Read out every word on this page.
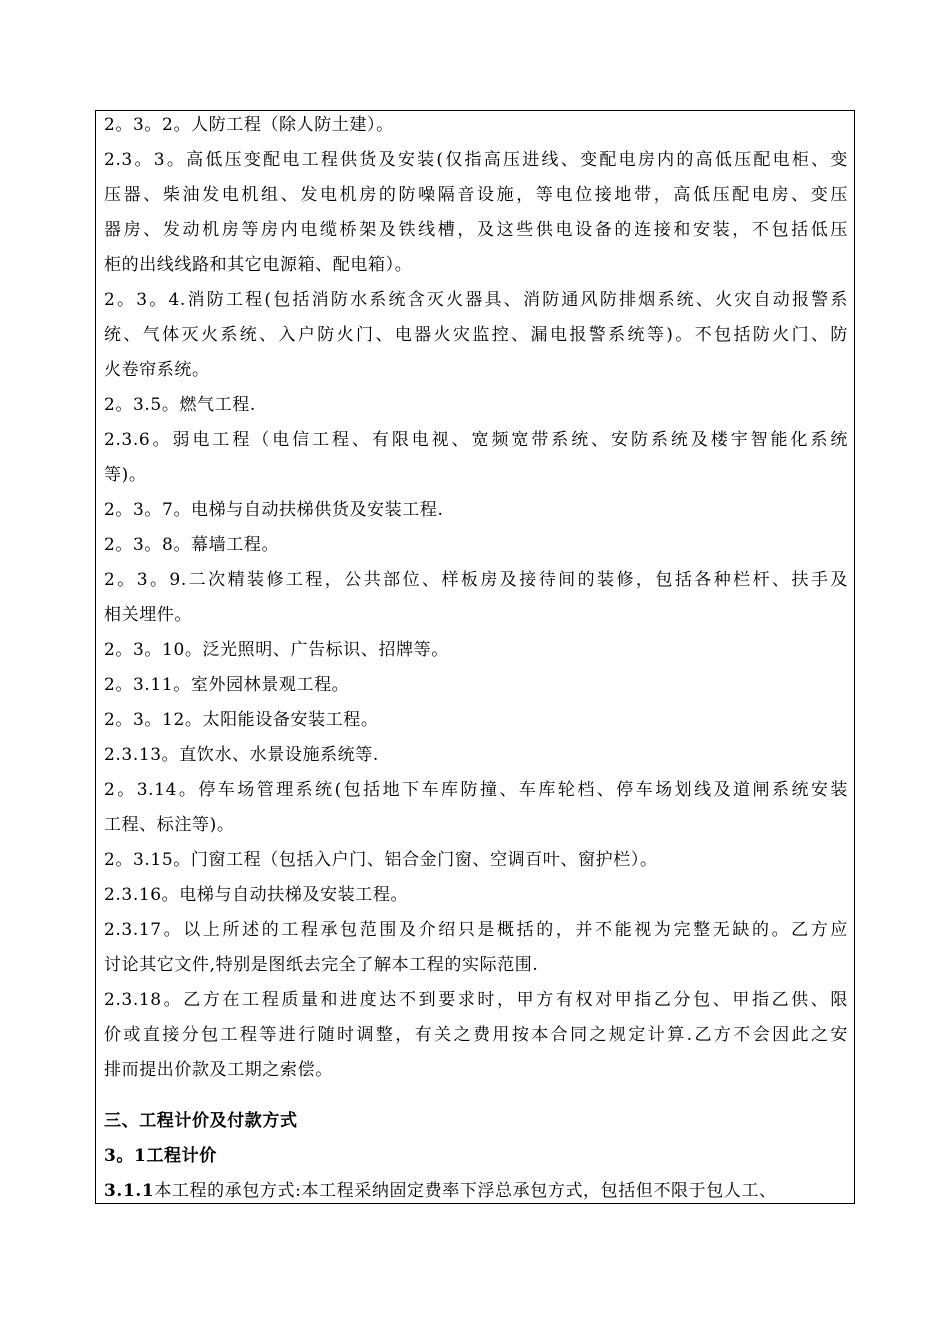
2。3。2。人防工程（除人防土建）。

2.3。3。高低压变配电工程供货及安装(仅指高压进线、变配电房内的高低压配电柜、变

压器、柴油发电机组、发电机房的防噪隔音设施，等电位接地带，高低压配电房、变压

器房、发动机房等房内电缆桥架及铁线槽，及这些供电设备的连接和安装，不包括低压

柜的出线线路和其它电源箱、配电箱）。

2。3。4.消防工程(包括消防水系统含灭火器具、消防通风防排烟系统、火灾自动报警系

统、气体灭火系统、入户防火门、电器火灾监控、漏电报警系统等)。不包括防火门、防

火卷帘系统。

2。3.5。燃气工程.

2.3.6。弱电工程（电信工程、有限电视、宽频宽带系统、安防系统及楼宇智能化系统

等)。

2。3。7。电梯与自动扶梯供货及安装工程.

2。3。8。幕墙工程。

2。3。9.二次精装修工程，公共部位、样板房及接待间的装修，包括各种栏杆、扶手及

相关埋件。

2。3。10。泛光照明、广告标识、招牌等。

2。3.11。室外园林景观工程。

2。3。12。太阳能设备安装工程。

2.3.13。直饮水、水景设施系统等.

2。3.14。停车场管理系统(包括地下车库防撞、车库轮档、停车场划线及道闸系统安装

工程、标注等)。

2。3.15。门窗工程（包括入户门、铝合金门窗、空调百叶、窗护栏）。

2.3.16。电梯与自动扶梯及安装工程。

2.3.17。以上所述的工程承包范围及介绍只是概括的，并不能视为完整无缺的。乙方应

讨论其它文件,特别是图纸去完全了解本工程的实际范围.

2.3.18。乙方在工程质量和进度达不到要求时，甲方有权对甲指乙分包、甲指乙供、限

价或直接分包工程等进行随时调整，有关之费用按本合同之规定计算.乙方不会因此之安

排而提出价款及工期之索偿。

三、工程计价及付款方式

3。1工程计价

3.1.1本工程的承包方式:本工程采纳固定费率下浮总承包方式，包括但不限于包人工、
